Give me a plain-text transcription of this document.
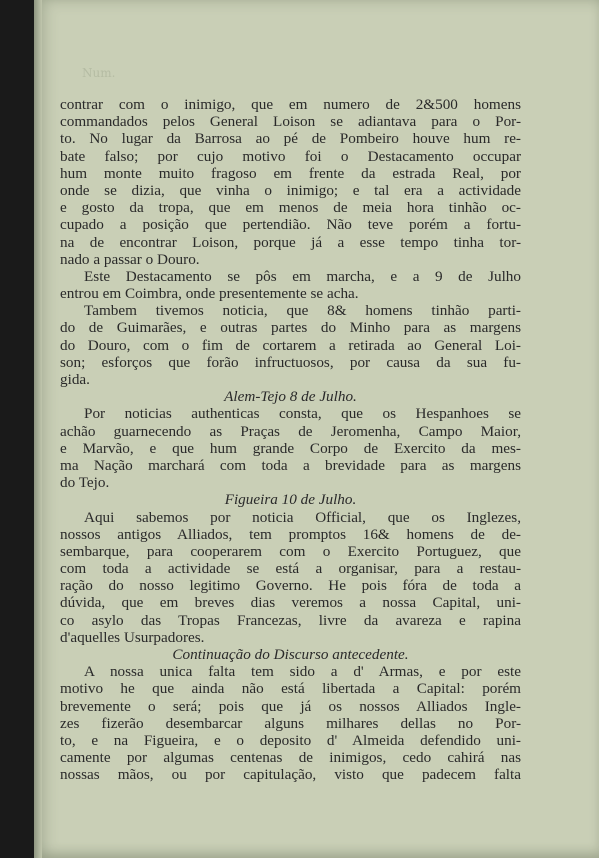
Num.
contrar com o inimigo, que em numero de 2&500 homens
commandados pelos General Loison se adiantava para o Por-
to. No lugar da Barrosa ao pé de Pombeiro houve hum re-
bate falso; por cujo motivo foi o Destacamento occupar
hum monte muito fragoso em frente da estrada Real, por
onde se dizia, que vinha o inimigo; e tal era a actividade
e gosto da tropa, que em menos de meia hora tinhão oc-
cupado a posição que pertendião. Não teve porém a fortu-
na de encontrar Loison, porque já a esse tempo tinha tor-
nado a passar o Douro.
Este Destacamento se pôs em marcha, e a 9 de Julho
entrou em Coimbra, onde presentemente se acha.
Tambem tivemos noticia, que 8& homens tinhão parti-
do de Guimarães, e outras partes do Minho para as margens
do Douro, com o fim de cortarem a retirada ao General Loi-
son; esforços que forão infructuosos, por causa da sua fu-
gida.
Alem-Tejo 8 de Julho.
Por noticias authenticas consta, que os Hespanhoes se
achão guarnecendo as Praças de Jeromenha, Campo Maior,
e Marvão, e que hum grande Corpo de Exercito da mes-
ma Nação marchará com toda a brevidade para as margens
do Tejo.
Figueira 10 de Julho.
Aqui sabemos por noticia Official, que os Inglezes,
nossos antigos Alliados, tem promptos 16& homens de de-
sembarque, para cooperarem com o Exercito Portuguez, que
com toda a actividade se está a organisar, para a restau-
ração do nosso legitimo Governo. He pois fóra de toda a
dúvida, que em breves dias veremos a nossa Capital, uni-
co asylo das Tropas Francezas, livre da avareza e rapina
d'aquelles Usurpadores.
Continuação do Discurso antecedente.
A nossa unica falta tem sido a d' Armas, e por este
motivo he que ainda não está libertada a Capital: porém
brevemente o será; pois que já os nossos Alliados Ingle-
zes fizerão desembarcar alguns milhares dellas no Por-
to, e na Figueira, e o deposito d' Almeida defendido uni-
camente por algumas centenas de inimigos, cedo cahirá nas
nossas mãos, ou por capitulação, visto que padecem falta
